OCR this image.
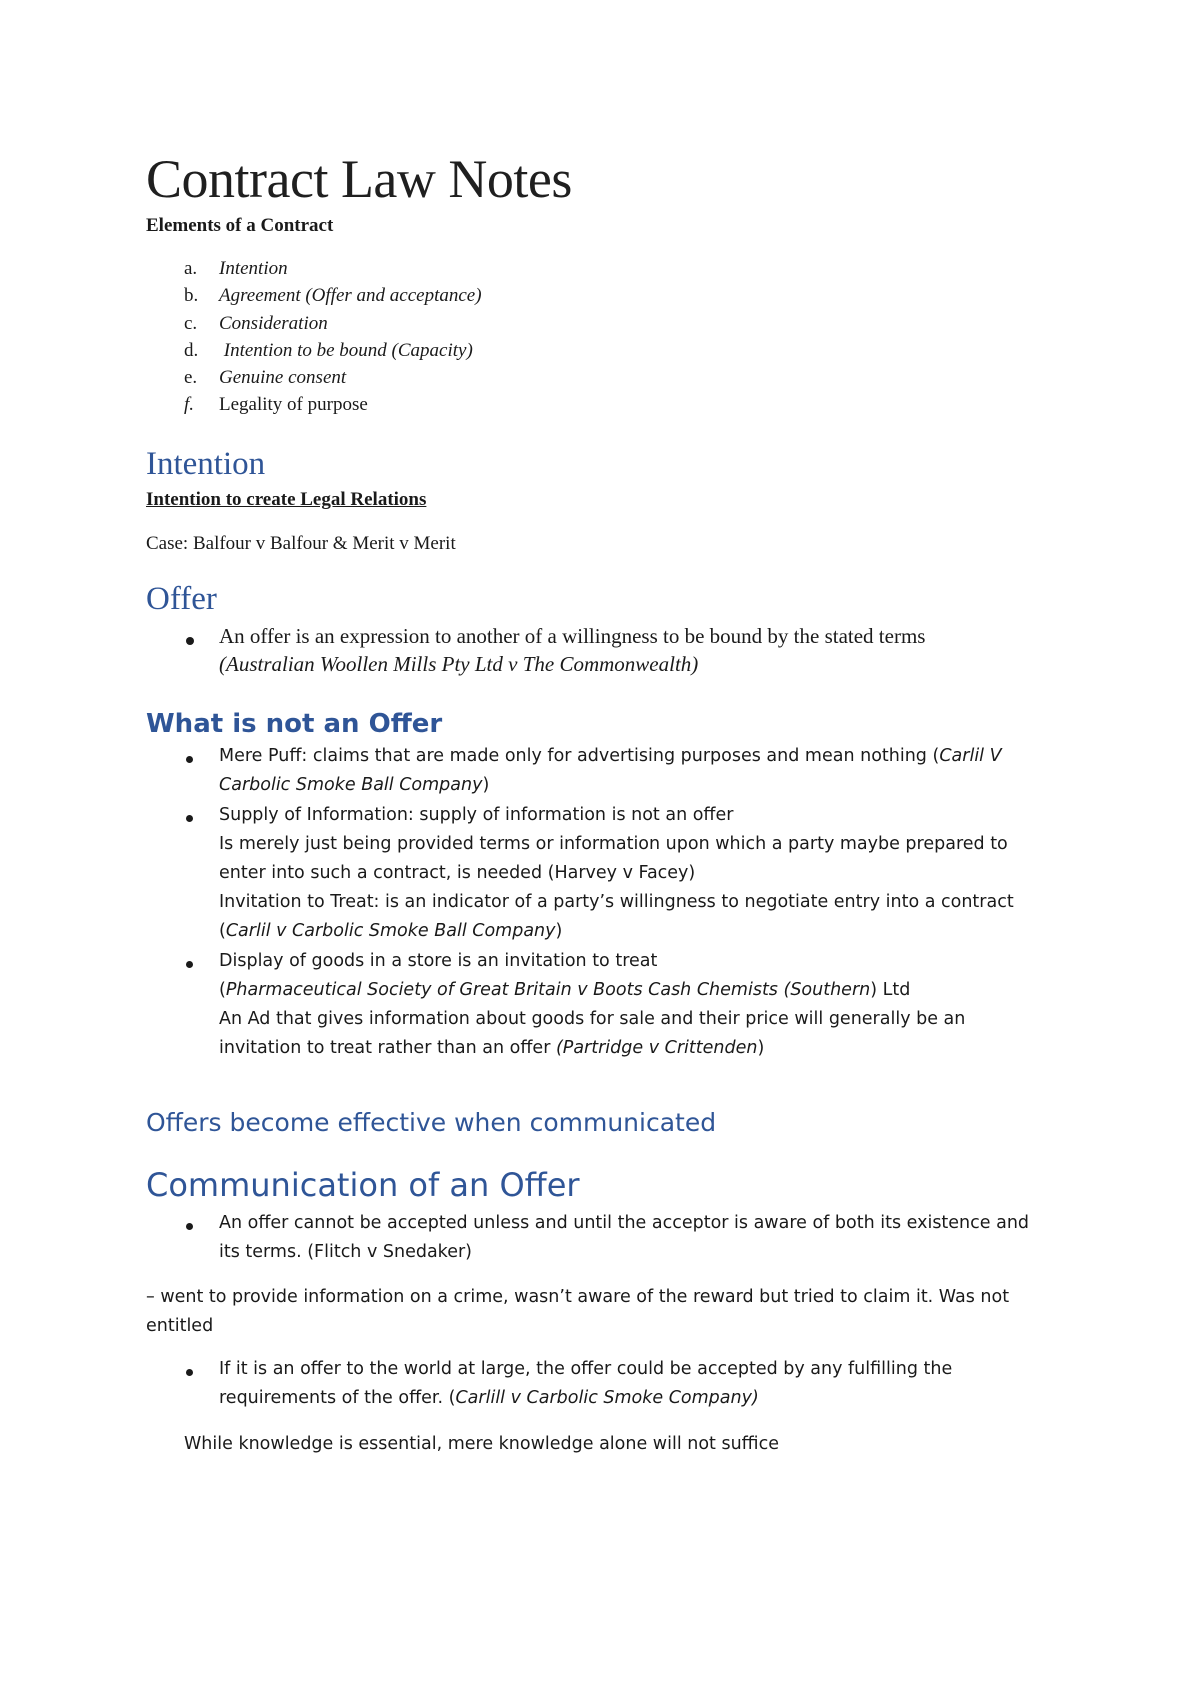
Contract Law Notes
Elements of a Contract
a. Intention
b. Agreement (Offer and acceptance)
c. Consideration
d. Intention to be bound (Capacity)
e. Genuine consent
f. Legality of purpose
Intention
Intention to create Legal Relations
Case: Balfour v Balfour & Merit v Merit
Offer
An offer is an expression to another of a willingness to be bound by the stated terms
(Australian Woollen Mills Pty Ltd v The Commonwealth)
What is not an Offer
Mere Puff: claims that are made only for advertising purposes and mean nothing (Carlil V
Carbolic Smoke Ball Company)
Supply of Information: supply of information is not an offer
Is merely just being provided terms or information upon which a party maybe prepared to
enter into such a contract, is needed (Harvey v Facey)
Invitation to Treat: is an indicator of a party’s willingness to negotiate entry into a contract
(Carlil v Carbolic Smoke Ball Company)
Display of goods in a store is an invitation to treat
(Pharmaceutical Society of Great Britain v Boots Cash Chemists (Southern) Ltd
An Ad that gives information about goods for sale and their price will generally be an
invitation to treat rather than an offer (Partridge v Crittenden)
Offers become effective when communicated
Communication of an Offer
An offer cannot be accepted unless and until the acceptor is aware of both its existence and
its terms. (Flitch v Snedaker)
– went to provide information on a crime, wasn’t aware of the reward but tried to claim it. Was not
entitled
If it is an offer to the world at large, the offer could be accepted by any fulfilling the
requirements of the offer. (Carlill v Carbolic Smoke Company)
While knowledge is essential, mere knowledge alone will not suffice
